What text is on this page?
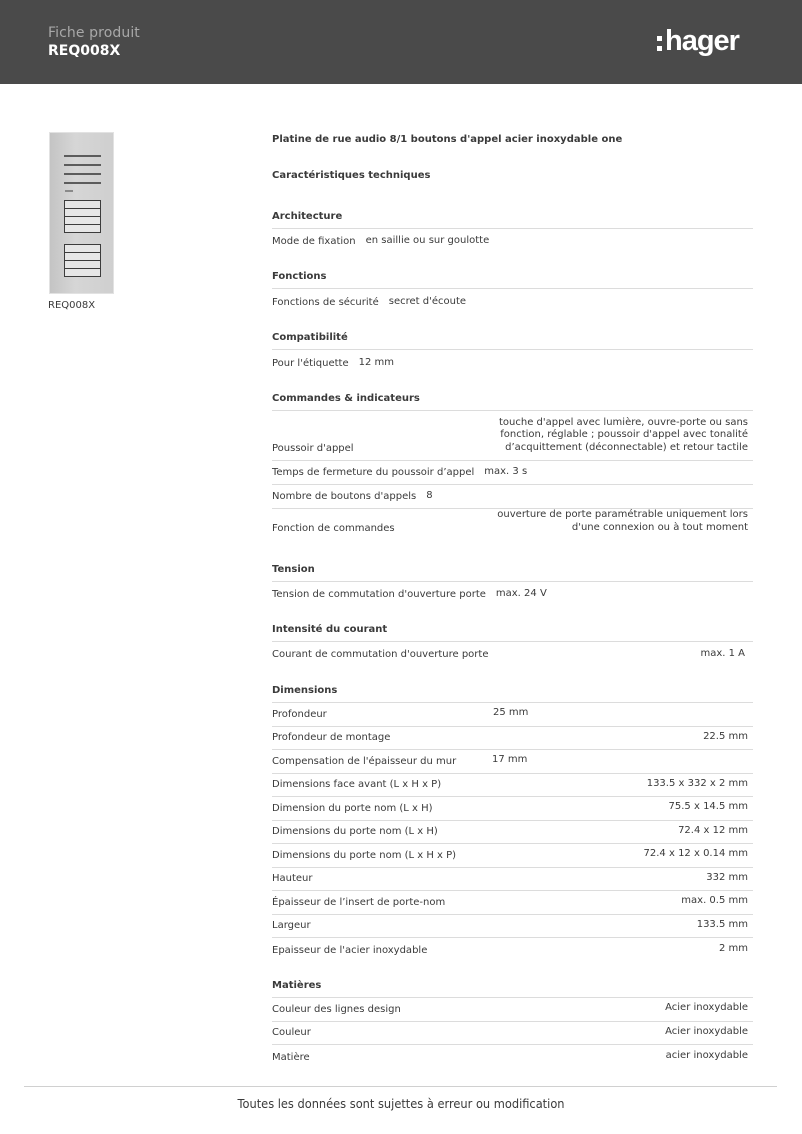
Fiche produit
REQ008X	hager
REQ008X
Platine de rue audio 8/1 boutons d'appel acier inoxydable one
Caractéristiques techniques
Architecture
Mode de fixation en saillie ou sur goulotte
Fonctions
Fonctions de sécurité secret d'écoute
Compatibilité
Pour l'étiquette 12 mm
Commandes & indicateurs
Poussoir d'appel
touche d'appel avec lumière, ouvre-porte ou sans
fonction, réglable ; poussoir d'appel avec tonalité
d’acquittement (déconnectable) et retour tactile
Temps de fermeture du poussoir d’appel max. 3 s
Nombre de boutons d'appels 8
Fonction de commandes
ouverture de porte paramétrable uniquement lors
d'une connexion ou à tout moment
Tension
Tension de commutation d'ouverture porte max. 24 V
Intensité du courant
Courant de commutation d'ouverture porte	max. 1 A
Dimensions
Profondeur	25 mm
Profondeur de montage	22.5 mm
Compensation de l'épaisseur du mur	17 mm
Dimensions face avant (L x H x P)	133.5 x 332 x 2 mm
Dimension du porte nom (L x H)	75.5 x 14.5 mm
Dimensions du porte nom (L x H)	72.4 x 12 mm
Dimensions du porte nom (L x H x P)	72.4 x 12 x 0.14 mm
Hauteur	332 mm
Épaisseur de l’insert de porte-nom	max. 0.5 mm
Largeur	133.5 mm
Epaisseur de l'acier inoxydable	2 mm
Matières
Couleur des lignes design	Acier inoxydable
Couleur	Acier inoxydable
Matière	acier inoxydable
Toutes les données sont sujettes à erreur ou modification
